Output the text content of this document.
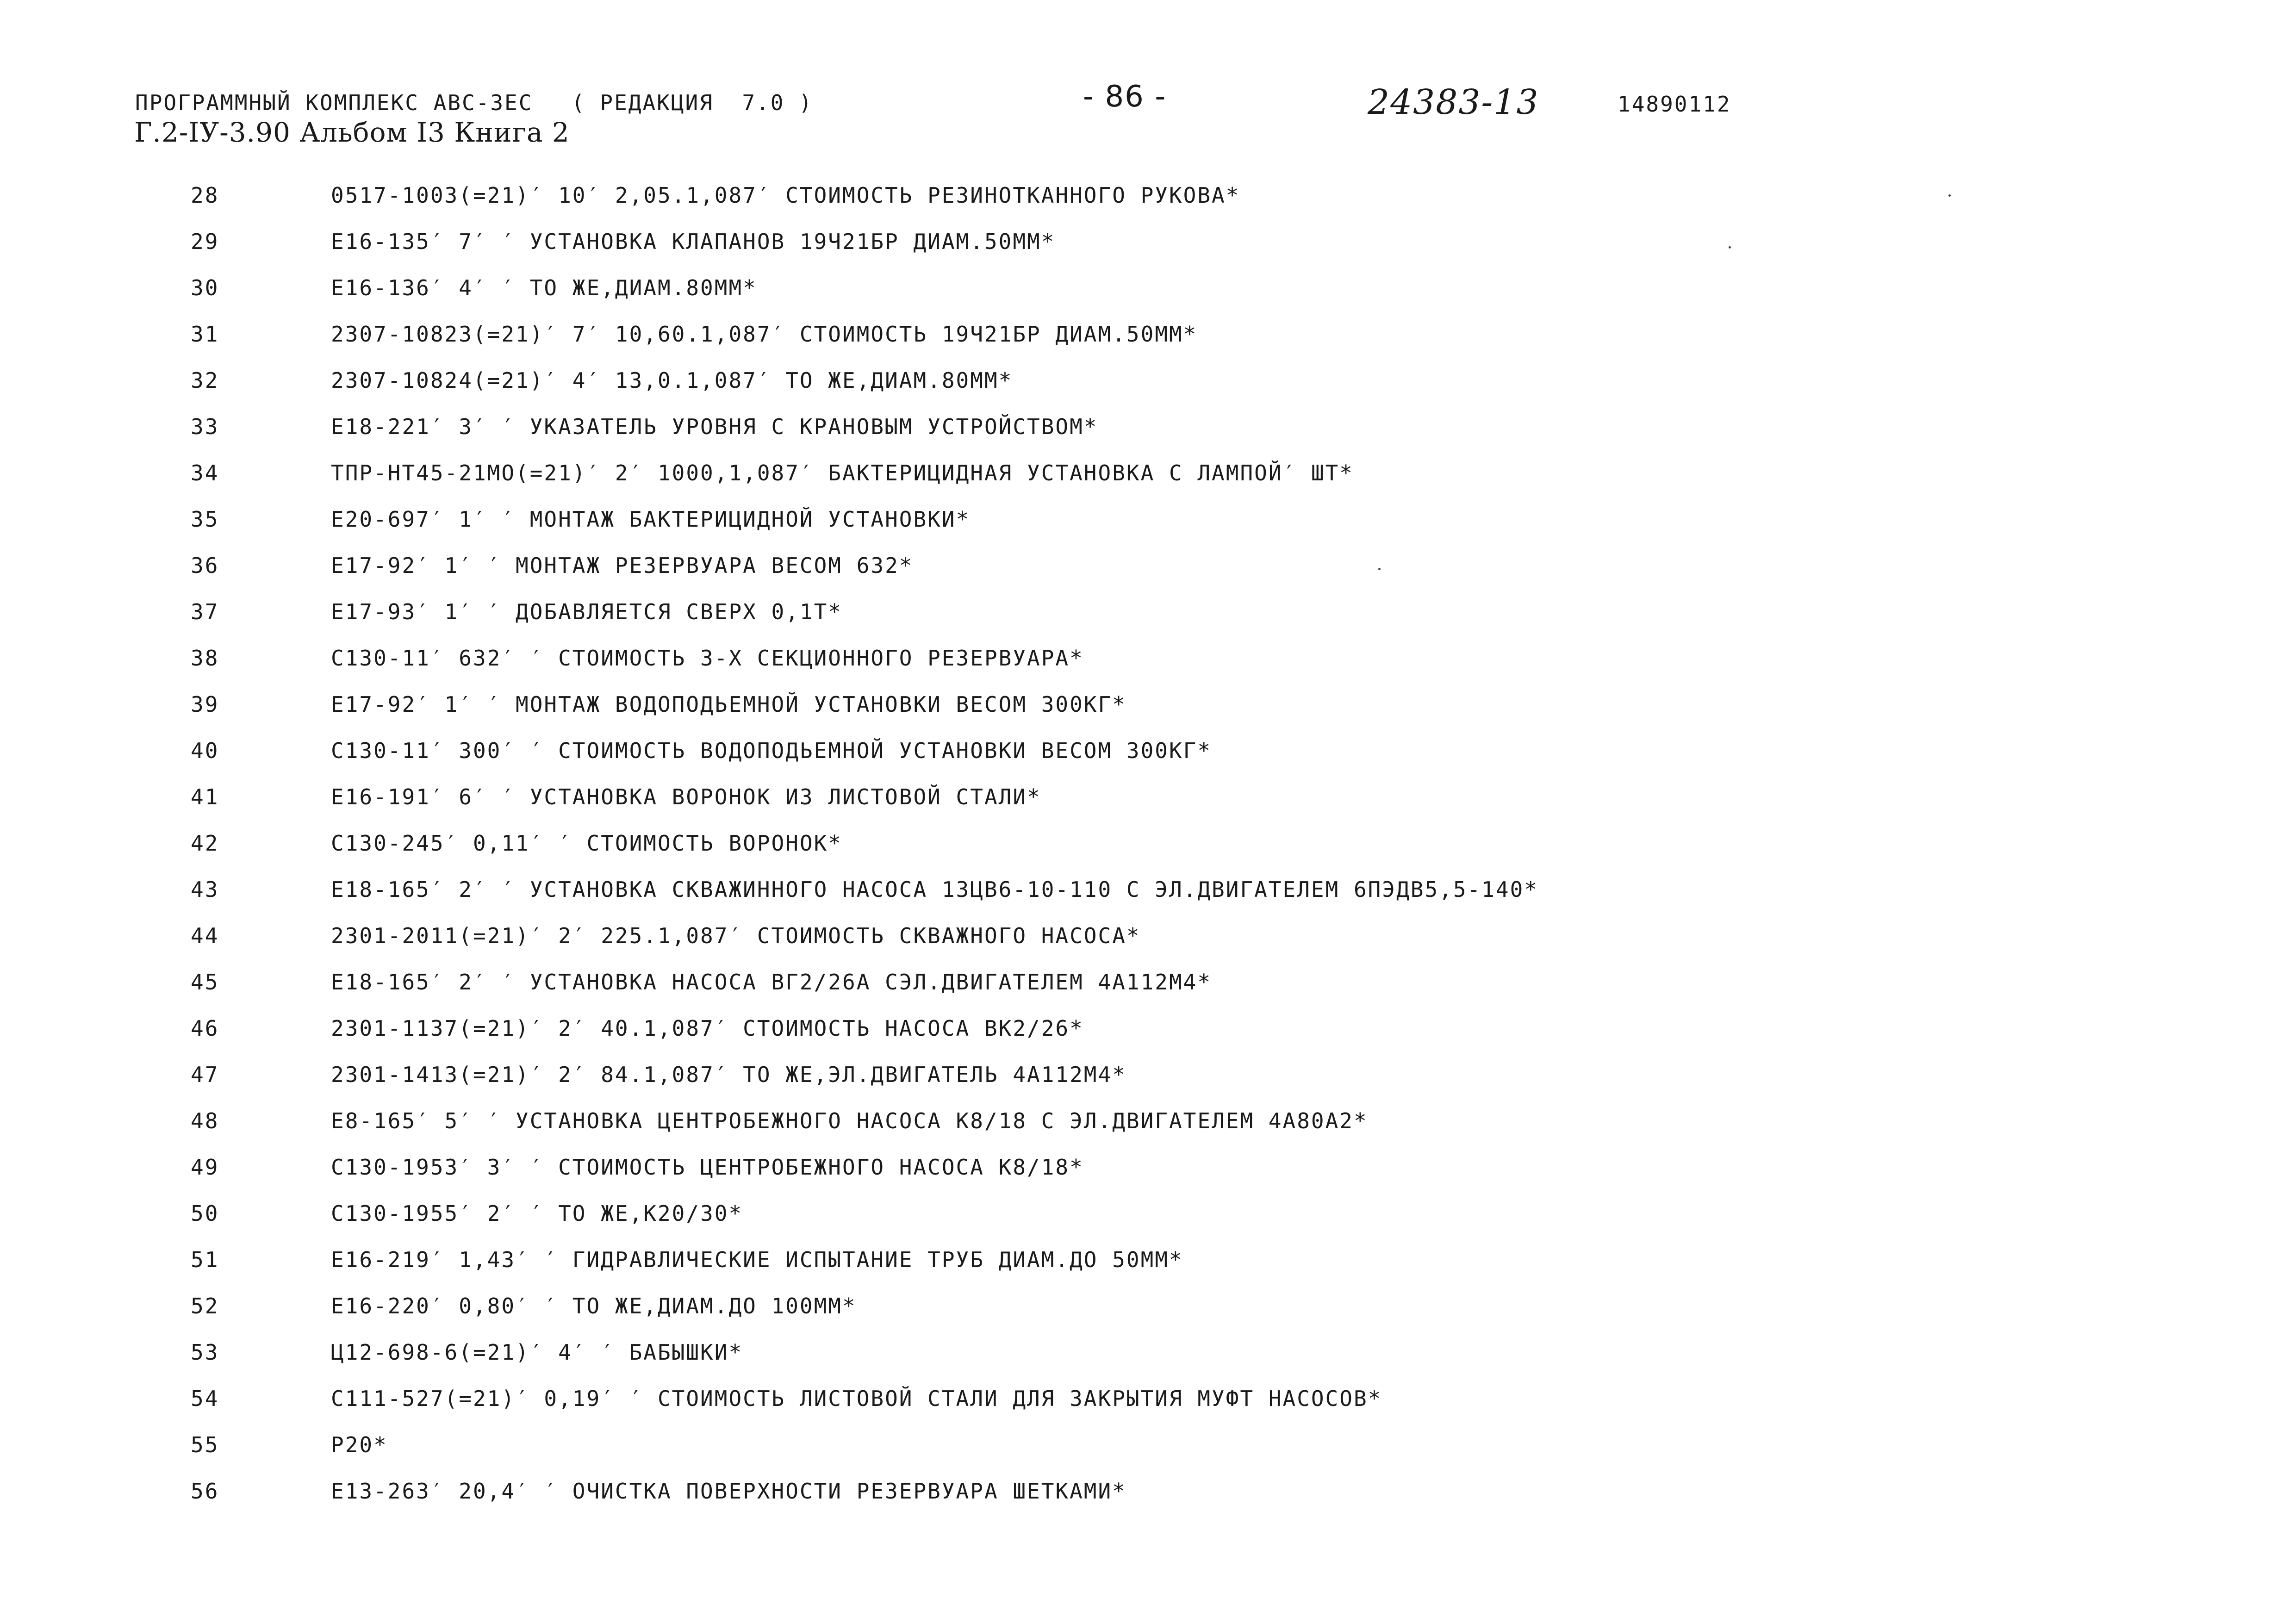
ПРОГРАММНЫЙ КОМПЛЕКС АВС-3ЕС ( РЕДАКЦИЯ  7.0 )	- 86 -	24383-13	14890112
Г.2-IУ-3.90 Альбом I3 Книга 2
28	0517-1003(=21)′ 10′ 2,05.1,087′ СТОИМОСТЬ РЕЗИНОТКАННОГО РУКОВА*
29	E16-135′ 7′ ′ УСТАНОВКА КЛАПАНОВ 19Ч21БР ДИАМ.50ММ*
30	E16-136′ 4′ ′ ТО ЖЕ,ДИАМ.80ММ*
31	2307-10823(=21)′ 7′ 10,60.1,087′ СТОИМОСТЬ 19Ч21БР ДИАМ.50ММ*
32	2307-10824(=21)′ 4′ 13,0.1,087′ ТО ЖЕ,ДИАМ.80ММ*
33	E18-221′ 3′ ′ УКАЗАТЕЛЬ УРОВНЯ С КРАНОВЫМ УСТРОЙСТВОМ*
34	ТПР-НТ45-21МО(=21)′ 2′ 1000,1,087′ БАКТЕРИЦИДНАЯ УСТАНОВКА С ЛАМПОЙ′ ШТ*
35	E20-697′ 1′ ′ МОНТАЖ БАКТЕРИЦИДНОЙ УСТАНОВКИ*
36	E17-92′ 1′ ′ МОНТАЖ РЕЗЕРВУАРА ВЕСОМ 632*
37	E17-93′ 1′ ′ ДОБАВЛЯЕТСЯ СВЕРХ 0,1Т*
38	С130-11′ 632′ ′ СТОИМОСТЬ 3-Х СЕКЦИОННОГО РЕЗЕРВУАРА*
39	E17-92′ 1′ ′ МОНТАЖ ВОДОПОДЬЕМНОЙ УСТАНОВКИ ВЕСОМ 300КГ*
40	С130-11′ 300′ ′ СТОИМОСТЬ ВОДОПОДЬЕМНОЙ УСТАНОВКИ ВЕСОМ 300КГ*
41	E16-191′ 6′ ′ УСТАНОВКА ВОРОНОК ИЗ ЛИСТОВОЙ СТАЛИ*
42	С130-245′ 0,11′ ′ СТОИМОСТЬ ВОРОНОК*
43	E18-165′ 2′ ′ УСТАНОВКА СКВАЖИННОГО НАСОСА 13ЦВ6-10-110 С ЭЛ.ДВИГАТЕЛЕМ 6ПЭДВ5,5-140*
44	2301-2011(=21)′ 2′ 225.1,087′ СТОИМОСТЬ СКВАЖНОГО НАСОСА*
45	E18-165′ 2′ ′ УСТАНОВКА НАСОСА ВГ2/26А СЭЛ.ДВИГАТЕЛЕМ 4А112М4*
46	2301-1137(=21)′ 2′ 40.1,087′ СТОИМОСТЬ НАСОСА ВК2/26*
47	2301-1413(=21)′ 2′ 84.1,087′ ТО ЖЕ,ЭЛ.ДВИГАТЕЛЬ 4А112М4*
48	E8-165′ 5′ ′ УСТАНОВКА ЦЕНТРОБЕЖНОГО НАСОСА К8/18 С ЭЛ.ДВИГАТЕЛЕМ 4А80А2*
49	С130-1953′ 3′ ′ СТОИМОСТЬ ЦЕНТРОБЕЖНОГО НАСОСА К8/18*
50	С130-1955′ 2′ ′ ТО ЖЕ,К20/30*
51	E16-219′ 1,43′ ′ ГИДРАВЛИЧЕСКИЕ ИСПЫТАНИЕ ТРУБ ДИАМ.ДО 50ММ*
52	E16-220′ 0,80′ ′ ТО ЖЕ,ДИАМ.ДО 100ММ*
53	Ц12-698-6(=21)′ 4′ ′ БАБЫШКИ*
54	С111-527(=21)′ 0,19′ ′ СТОИМОСТЬ ЛИСТОВОЙ СТАЛИ ДЛЯ ЗАКРЫТИЯ МУФТ НАСОСОВ*
55	Р20*
56	E13-263′ 20,4′ ′ ОЧИСТКА ПОВЕРХНОСТИ РЕЗЕРВУАРА ШЕТКАМИ*
